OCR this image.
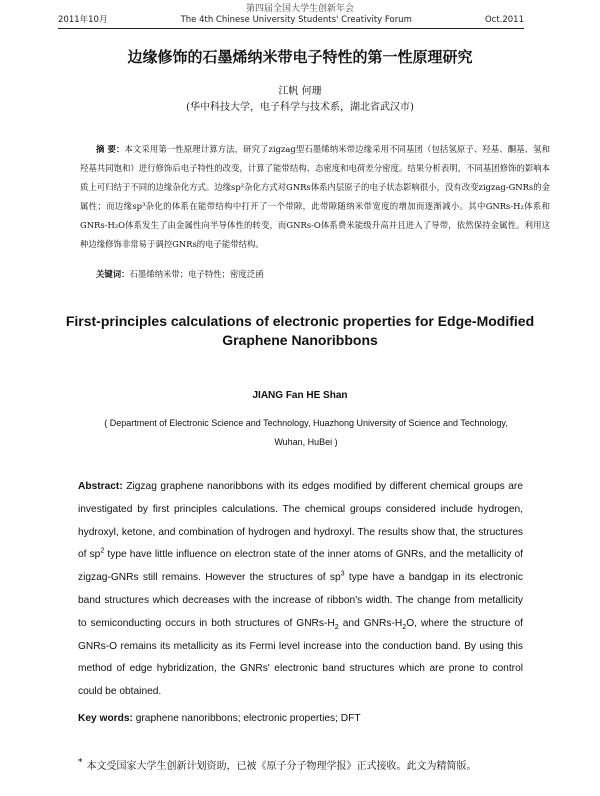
第四届全国大学生创新年会
2011年10月	The 4th Chinese University Students' Creativity Forum	Oct.2011
边缘修饰的石墨烯纳米带电子特性的第一性原理研究
江帆 何珊
(华中科技大学，电子科学与技术系，湖北省武汉市)
摘 要：本文采用第一性原理计算方法，研究了zigzag型石墨烯纳米带边缘采用不同基团（包括氢原子、羟基、酮基、氢和羟基共同饱和）进行修饰后电子特性的改变，计算了能带结构、态密度和电荷差分密度。结果分析表明，不同基团修饰的影响本质上可归结于不同的边缘杂化方式。边缘sp²杂化方式对GNRs体系内层原子的电子状态影响很小，没有改变zigzag-GNRs的金属性；而边缘sp³杂化的体系在能带结构中打开了一个带隙，此带隙随纳米带宽度的增加而逐渐减小。其中GNRs-H₂体系和GNRs-H₂O体系发生了由金属性向半导体性的转变，而GNRs-O体系费米能级升高并且进入了导带，依然保持金属性。利用这种边缘修饰非常易于调控GNRs的电子能带结构。
关键词：石墨烯纳米带；电子特性；密度泛函
First-principles calculations of electronic properties for Edge-Modified
Graphene Nanoribbons
JIANG Fan HE Shan
( Department of Electronic Science and Technology, Huazhong University of Science and Technology,
Wuhan, HuBei )
Abstract: Zigzag graphene nanoribbons with its edges modified by different chemical groups are investigated by first principles calculations. The chemical groups considered include hydrogen, hydroxyl, ketone, and combination of hydrogen and hydroxyl. The results show that, the structures of $sp^2$ type have little influence on electron state of the inner atoms of GNRs, and the metallicity of zigzag-GNRs still remains. However the structures of $sp^3$ type have a bandgap in its electronic band structures which decreases with the increase of ribbon's width. The change from metallicity to semiconducting occurs in both structures of GNRs-$H_2$ and GNRs-$H_2O$, where the structure of GNRs-O remains its metallicity as its Fermi level increase into the conduction band. By using this method of edge hybridization, the GNRs' electronic band structures which are prone to control could be obtained.
Key words: graphene nanoribbons; electronic properties; DFT
* 本文受国家大学生创新计划资助，已被《原子分子物理学报》正式接收。此文为精简版。
